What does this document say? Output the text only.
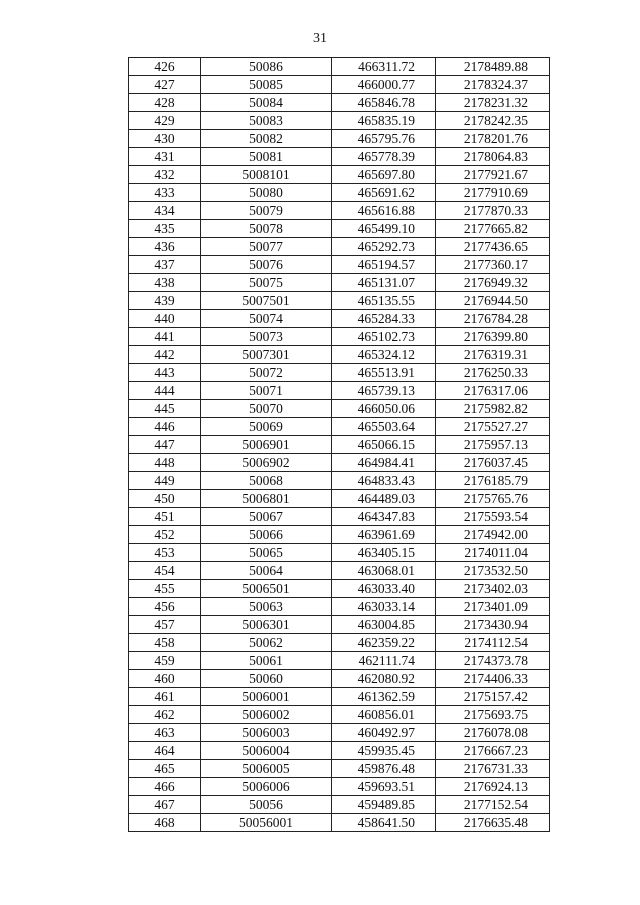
31
426	50086	466311.72	2178489.88
427	50085	466000.77	2178324.37
428	50084	465846.78	2178231.32
429	50083	465835.19	2178242.35
430	50082	465795.76	2178201.76
431	50081	465778.39	2178064.83
432	5008101	465697.80	2177921.67
433	50080	465691.62	2177910.69
434	50079	465616.88	2177870.33
435	50078	465499.10	2177665.82
436	50077	465292.73	2177436.65
437	50076	465194.57	2177360.17
438	50075	465131.07	2176949.32
439	5007501	465135.55	2176944.50
440	50074	465284.33	2176784.28
441	50073	465102.73	2176399.80
442	5007301	465324.12	2176319.31
443	50072	465513.91	2176250.33
444	50071	465739.13	2176317.06
445	50070	466050.06	2175982.82
446	50069	465503.64	2175527.27
447	5006901	465066.15	2175957.13
448	5006902	464984.41	2176037.45
449	50068	464833.43	2176185.79
450	5006801	464489.03	2175765.76
451	50067	464347.83	2175593.54
452	50066	463961.69	2174942.00
453	50065	463405.15	2174011.04
454	50064	463068.01	2173532.50
455	5006501	463033.40	2173402.03
456	50063	463033.14	2173401.09
457	5006301	463004.85	2173430.94
458	50062	462359.22	2174112.54
459	50061	462111.74	2174373.78
460	50060	462080.92	2174406.33
461	5006001	461362.59	2175157.42
462	5006002	460856.01	2175693.75
463	5006003	460492.97	2176078.08
464	5006004	459935.45	2176667.23
465	5006005	459876.48	2176731.33
466	5006006	459693.51	2176924.13
467	50056	459489.85	2177152.54
468	50056001	458641.50	2176635.48
